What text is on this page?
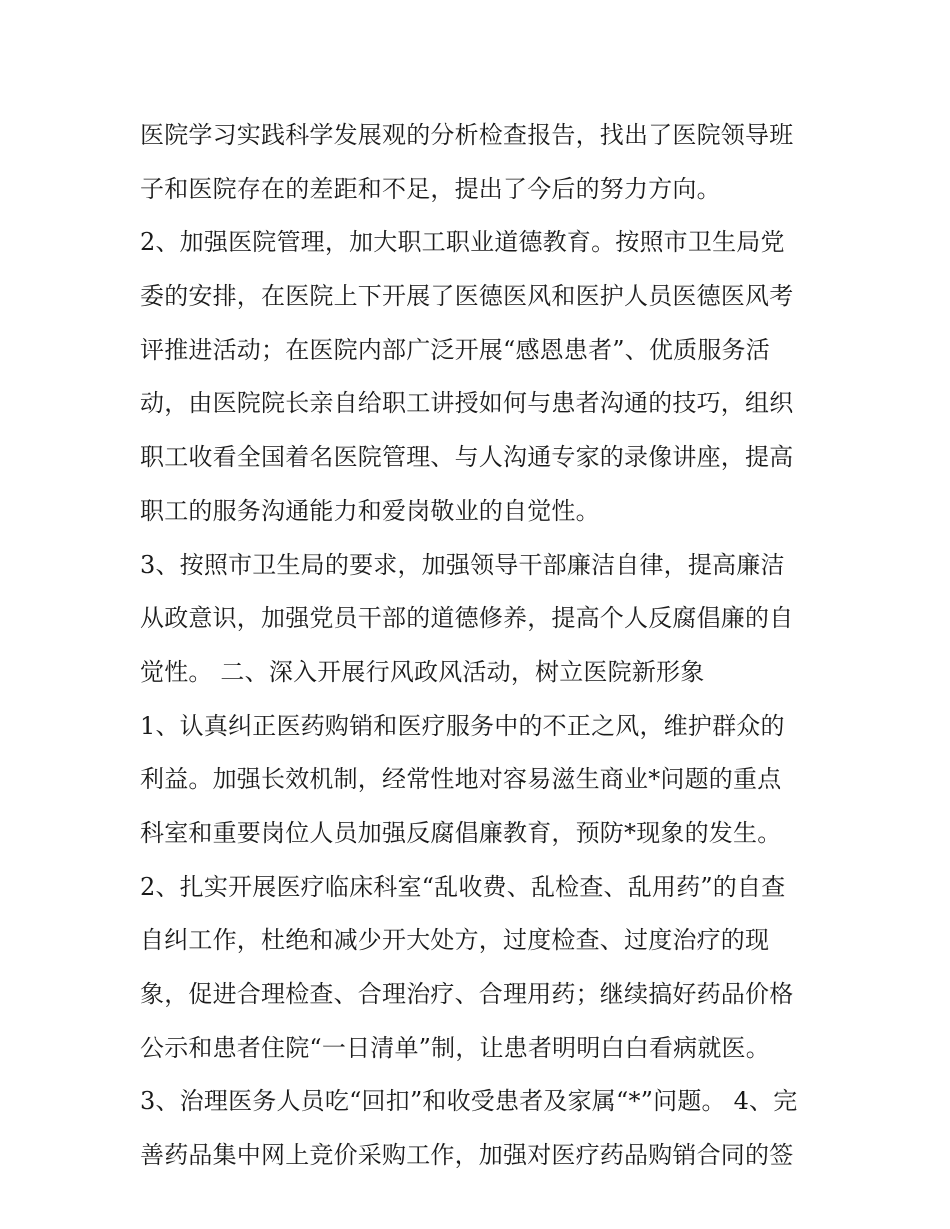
医院学习实践科学发展观的分析检查报告，找出了医院领导班
子和医院存在的差距和不足，提出了今后的努力方向。
2、加强医院管理，加大职工职业道德教育。按照市卫生局党
委的安排，在医院上下开展了医德医风和医护人员医德医风考
评推进活动；在医院内部广泛开展“感恩患者”、优质服务活
动，由医院院长亲自给职工讲授如何与患者沟通的技巧，组织
职工收看全国着名医院管理、与人沟通专家的录像讲座，提高
职工的服务沟通能力和爱岗敬业的自觉性。
3、按照市卫生局的要求，加强领导干部廉洁自律，提高廉洁
从政意识，加强党员干部的道德修养，提高个人反腐倡廉的自
觉性。 二、深入开展行风政风活动，树立医院新形象
1、认真纠正医药购销和医疗服务中的不正之风，维护群众的
利益。加强长效机制，经常性地对容易滋生商业*问题的重点
科室和重要岗位人员加强反腐倡廉教育，预防*现象的发生。
2、扎实开展医疗临床科室“乱收费、乱检查、乱用药”的自查
自纠工作，杜绝和减少开大处方，过度检查、过度治疗的现
象，促进合理检查、合理治疗、合理用药；继续搞好药品价格
公示和患者住院“一日清单”制，让患者明明白白看病就医。
3、治理医务人员吃“回扣”和收受患者及家属“*”问题。 4、完
善药品集中网上竞价采购工作，加强对医疗药品购销合同的签
